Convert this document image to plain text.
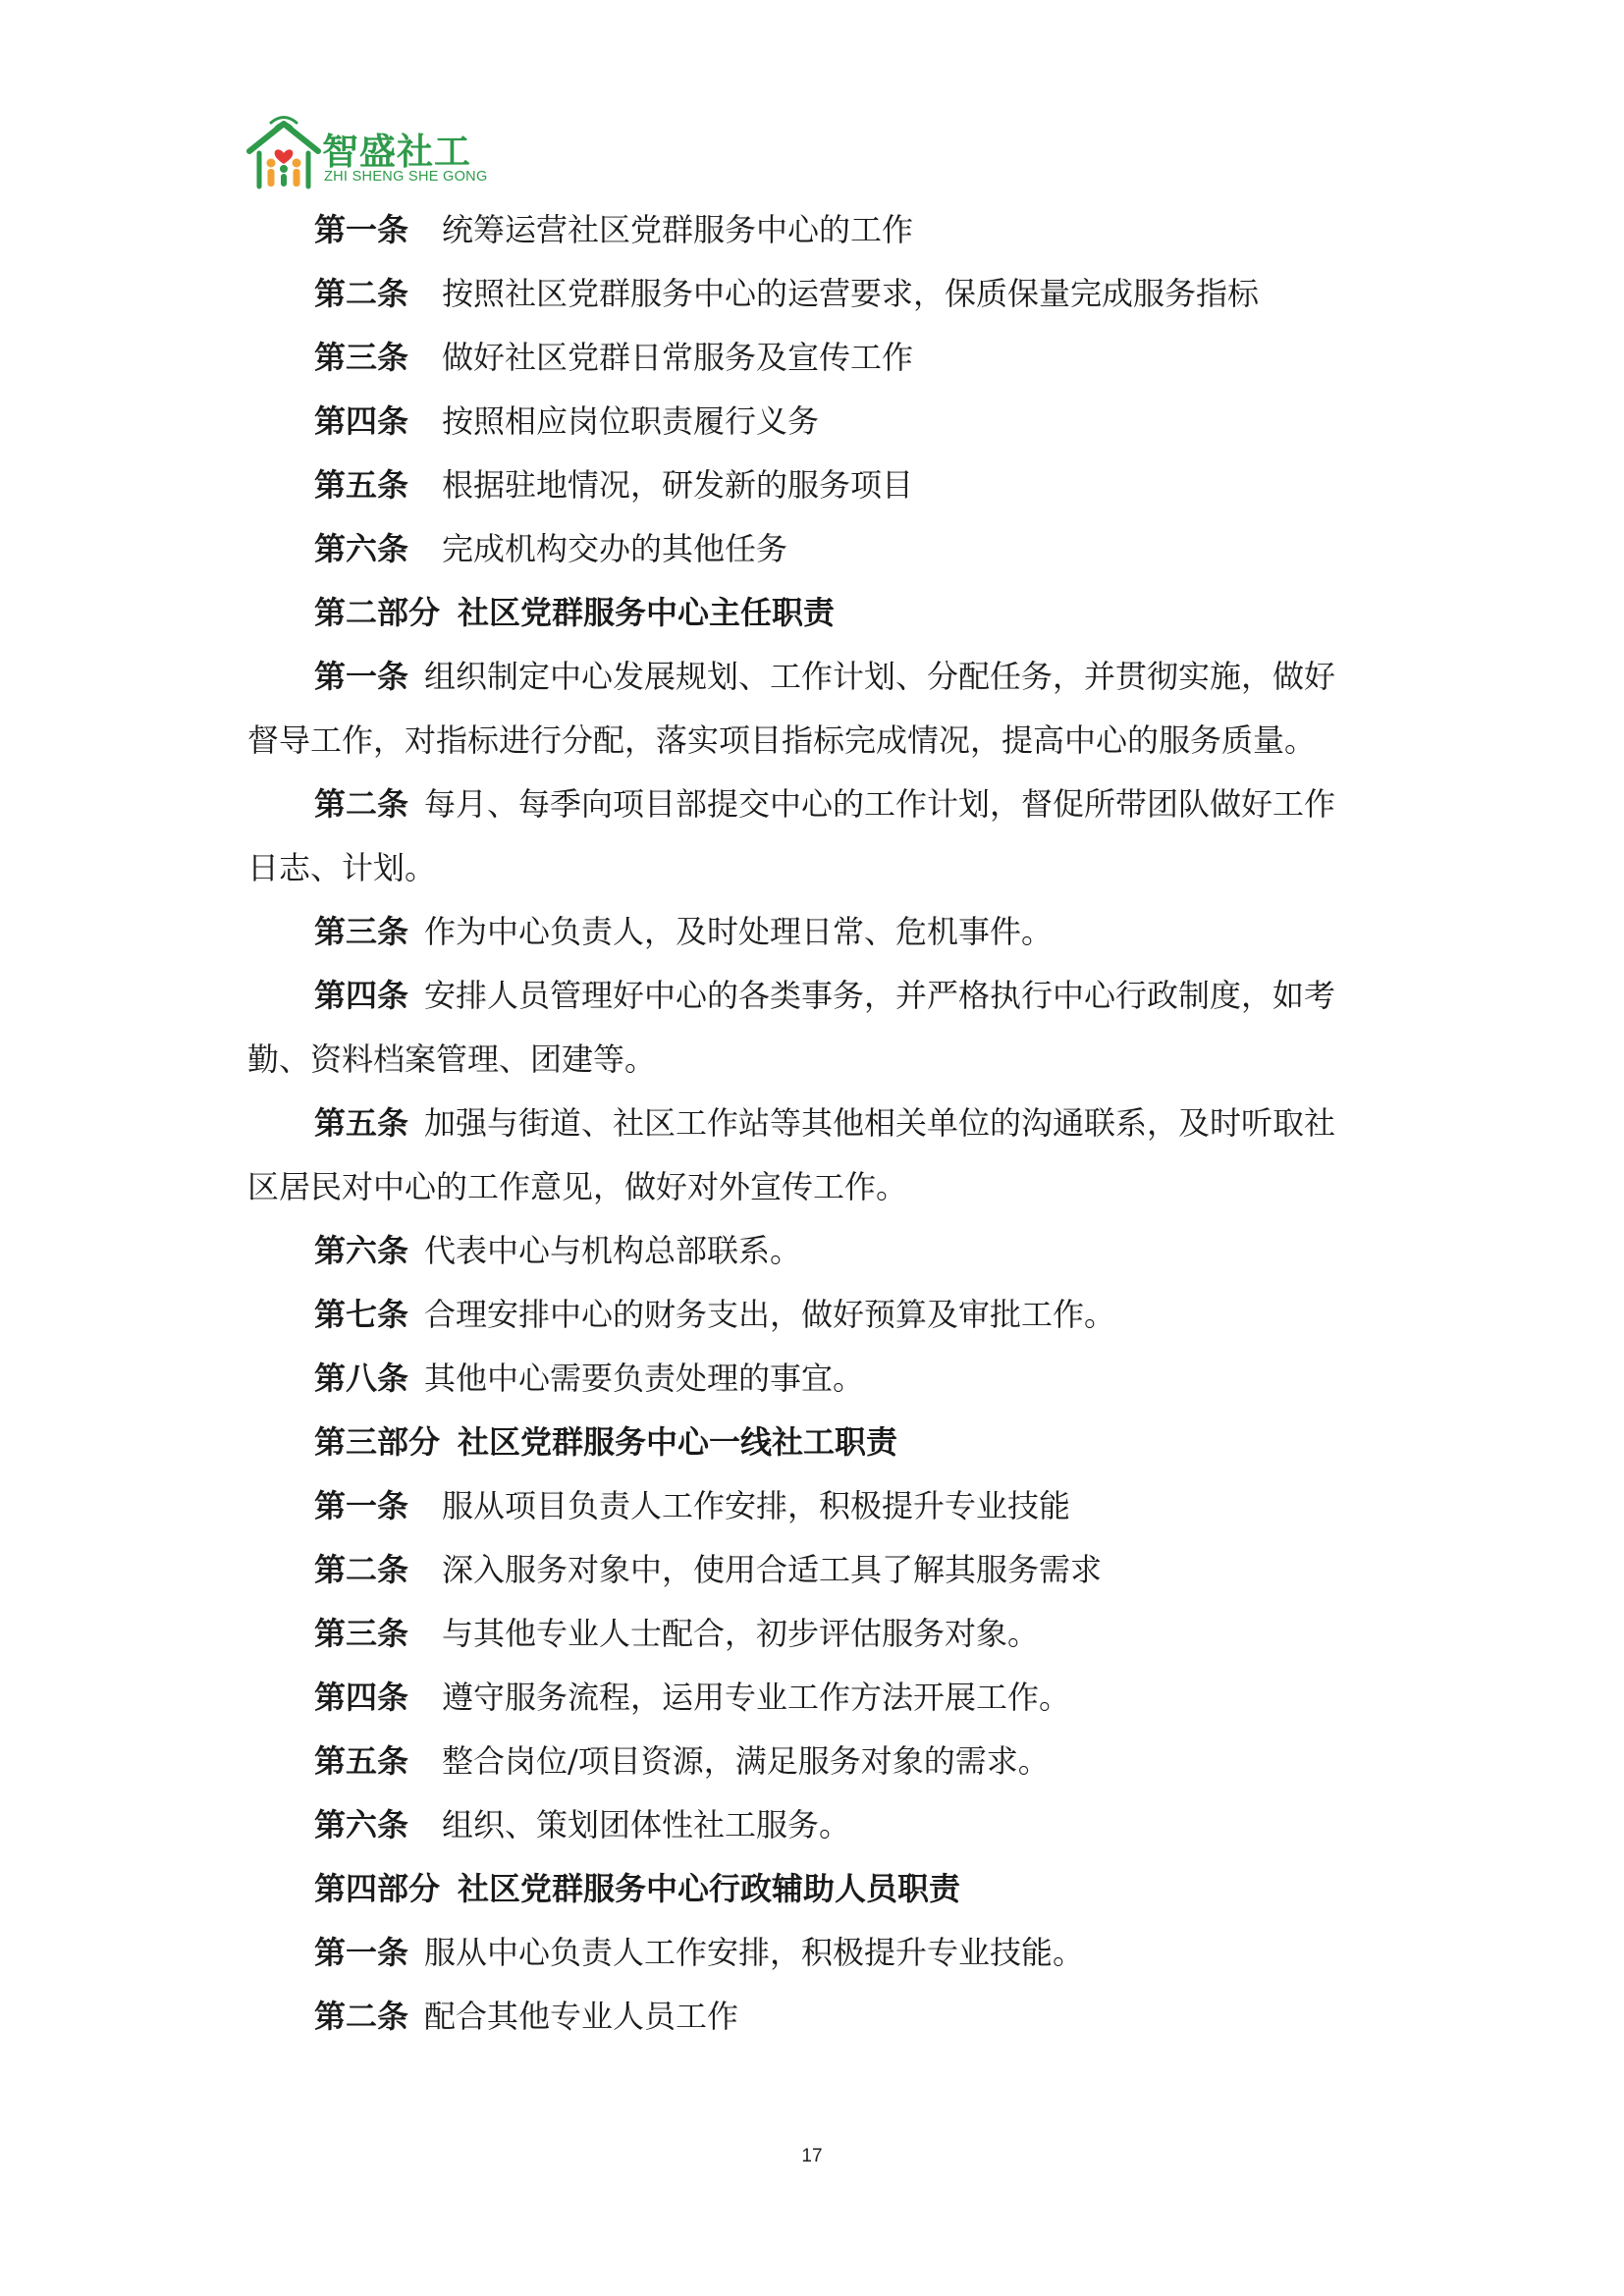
智盛社工
ZHI SHENG SHE GONG
第一条 统筹运营社区党群服务中心的工作
第二条 按照社区党群服务中心的运营要求，保质保量完成服务指标
第三条 做好社区党群日常服务及宣传工作
第四条 按照相应岗位职责履行义务
第五条 根据驻地情况，研发新的服务项目
第六条 完成机构交办的其他任务
第二部分 社区党群服务中心主任职责
第一条 组织制定中心发展规划、工作计划、分配任务，并贯彻实施，做好
督导工作，对指标进行分配，落实项目指标完成情况，提高中心的服务质量。
第二条 每月、每季向项目部提交中心的工作计划，督促所带团队做好工作
日志、计划。
第三条 作为中心负责人，及时处理日常、危机事件。
第四条 安排人员管理好中心的各类事务，并严格执行中心行政制度，如考
勤、资料档案管理、团建等。
第五条 加强与街道、社区工作站等其他相关单位的沟通联系，及时听取社
区居民对中心的工作意见，做好对外宣传工作。
第六条 代表中心与机构总部联系。
第七条 合理安排中心的财务支出，做好预算及审批工作。
第八条 其他中心需要负责处理的事宜。
第三部分 社区党群服务中心一线社工职责
第一条 服从项目负责人工作安排，积极提升专业技能
第二条 深入服务对象中，使用合适工具了解其服务需求
第三条 与其他专业人士配合，初步评估服务对象。
第四条 遵守服务流程，运用专业工作方法开展工作。
第五条 整合岗位/项目资源，满足服务对象的需求。
第六条 组织、策划团体性社工服务。
第四部分 社区党群服务中心行政辅助人员职责
第一条 服从中心负责人工作安排，积极提升专业技能。
第二条 配合其他专业人员工作
17
